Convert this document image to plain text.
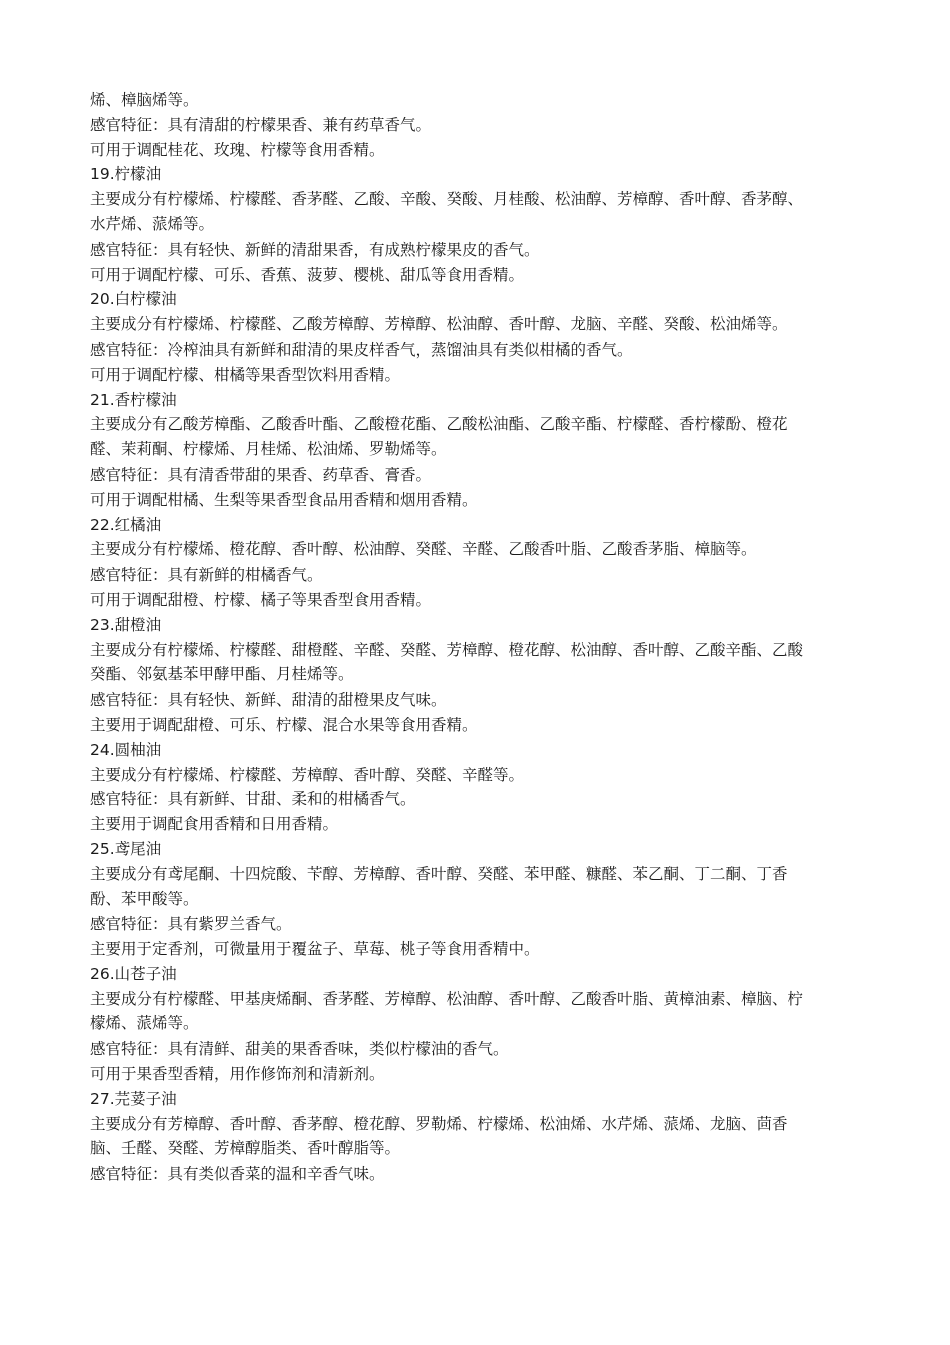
烯、樟脑烯等。

感官特征：具有清甜的柠檬果香、兼有药草香气。

可用于调配桂花、玫瑰、柠檬等食用香精。

19.柠檬油

主要成分有柠檬烯、柠檬醛、香茅醛、乙酸、辛酸、癸酸、月桂酸、松油醇、芳樟醇、香叶醇、香茅醇、水芹烯、蒎烯等。

感官特征：具有轻快、新鲜的清甜果香，有成熟柠檬果皮的香气。

可用于调配柠檬、可乐、香蕉、菠萝、樱桃、甜瓜等食用香精。

20.白柠檬油

主要成分有柠檬烯、柠檬醛、乙酸芳樟醇、芳樟醇、松油醇、香叶醇、龙脑、辛醛、癸酸、松油烯等。

感官特征：冷榨油具有新鲜和甜清的果皮样香气，蒸馏油具有类似柑橘的香气。

可用于调配柠檬、柑橘等果香型饮料用香精。

21.香柠檬油

主要成分有乙酸芳樟酯、乙酸香叶酯、乙酸橙花酯、乙酸松油酯、乙酸辛酯、柠檬醛、香柠檬酚、橙花醛、茉莉酮、柠檬烯、月桂烯、松油烯、罗勒烯等。

感官特征：具有清香带甜的果香、药草香、膏香。

可用于调配柑橘、生梨等果香型食品用香精和烟用香精。

22.红橘油

主要成分有柠檬烯、橙花醇、香叶醇、松油醇、癸醛、辛醛、乙酸香叶脂、乙酸香茅脂、樟脑等。

感官特征：具有新鲜的柑橘香气。

可用于调配甜橙、柠檬、橘子等果香型食用香精。

23.甜橙油

主要成分有柠檬烯、柠檬醛、甜橙醛、辛醛、癸醛、芳樟醇、橙花醇、松油醇、香叶醇、乙酸辛酯、乙酸癸酯、邻氨基苯甲酵甲酯、月桂烯等。

感官特征：具有轻快、新鲜、甜清的甜橙果皮气味。

主要用于调配甜橙、可乐、柠檬、混合水果等食用香精。

24.圆柚油

主要成分有柠檬烯、柠檬醛、芳樟醇、香叶醇、癸醛、辛醛等。

感官特征：具有新鲜、甘甜、柔和的柑橘香气。

主要用于调配食用香精和日用香精。

25.鸢尾油

主要成分有鸢尾酮、十四烷酸、苄醇、芳樟醇、香叶醇、癸醛、苯甲醛、糠醛、苯乙酮、丁二酮、丁香酚、苯甲酸等。

感官特征：具有紫罗兰香气。

主要用于定香剂，可微量用于覆盆子、草莓、桃子等食用香精中。

26.山苍子油

主要成分有柠檬醛、甲基庚烯酮、香茅醛、芳樟醇、松油醇、香叶醇、乙酸香叶脂、黄樟油素、樟脑、柠檬烯、蒎烯等。

感官特征：具有清鲜、甜美的果香香味，类似柠檬油的香气。

可用于果香型香精，用作修饰剂和清新剂。

27.芫荽子油

主要成分有芳樟醇、香叶醇、香茅醇、橙花醇、罗勒烯、柠檬烯、松油烯、水芹烯、蒎烯、龙脑、茴香脑、壬醛、癸醛、芳樟醇脂类、香叶醇脂等。

感官特征：具有类似香菜的温和辛香气味。
